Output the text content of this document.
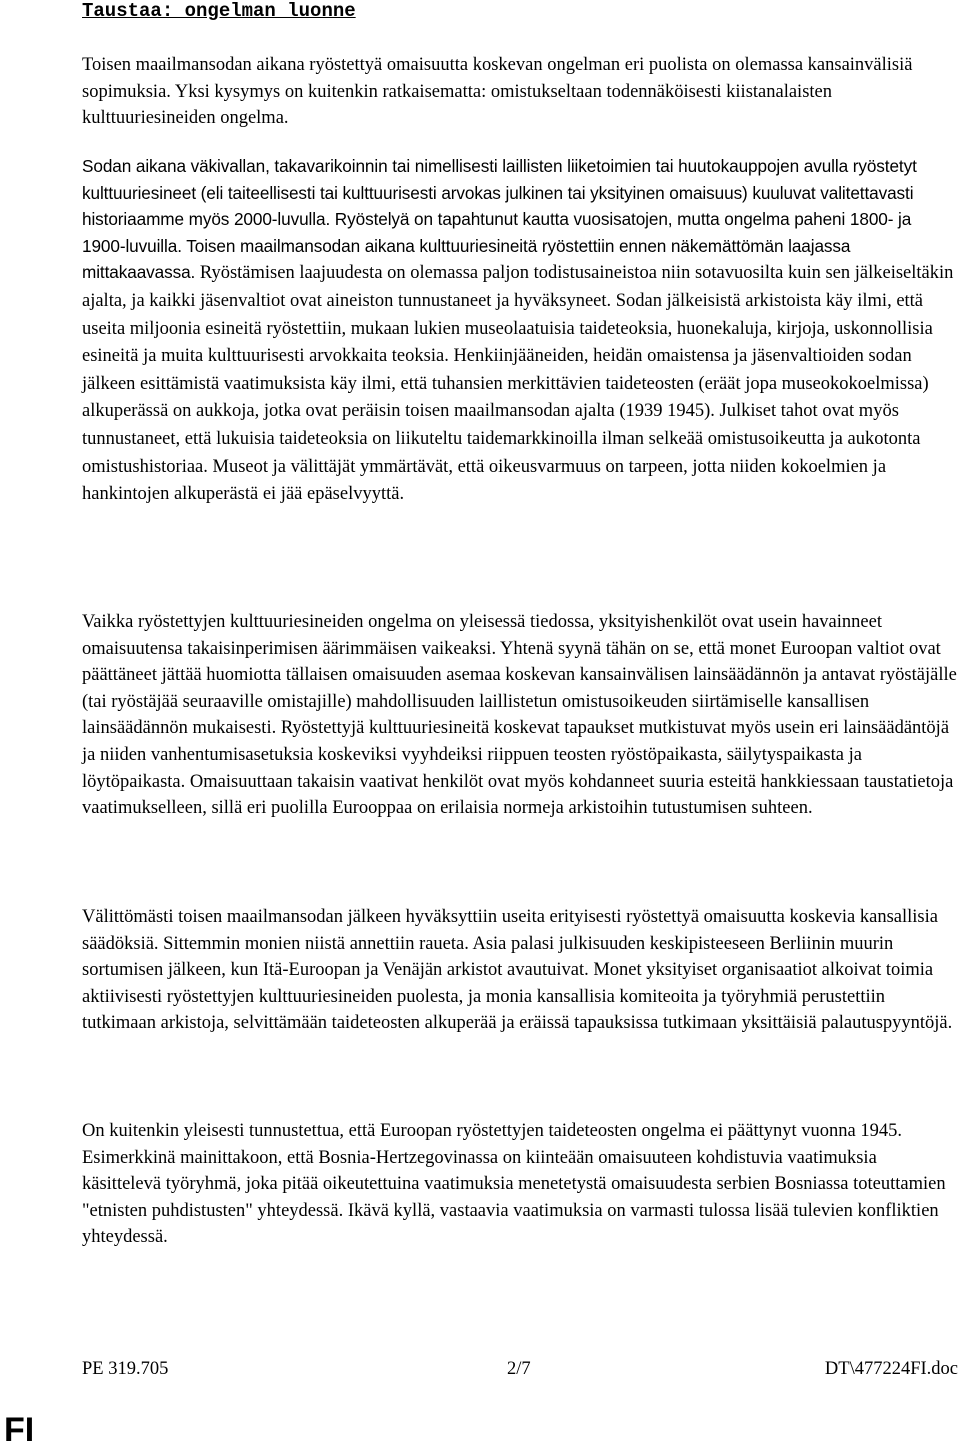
Taustaa: ongelman luonne

Toisen maailmansodan aikana ryöstettyä omaisuutta koskevan ongelman eri puolista on olemassa kansainvälisiä sopimuksia. Yksi kysymys on kuitenkin ratkaisematta: omistukseltaan todennäköisesti kiistanalaisten kulttuuriesineiden ongelma.

Sodan aikana väkivallan, takavarikoinnin tai nimellisesti laillisten liiketoimien tai huutokauppojen avulla ryöstetyt kulttuuriesineet (eli taiteellisesti tai kulttuurisesti arvokas julkinen tai yksityinen omaisuus) kuuluvat valitettavasti historiaamme myös 2000-luvulla. Ryöstelyä on tapahtunut kautta vuosisatojen, mutta ongelma paheni 1800- ja 1900-luvuilla. Toisen maailmansodan aikana kulttuuriesineitä ryöstettiin ennen näkemättömän laajassa mittakaavassa. Ryöstämisen laajuudesta on olemassa paljon todistusaineistoa niin sotavuosilta kuin sen jälkeiseltäkin ajalta, ja kaikki jäsenvaltiot ovat aineiston tunnustaneet ja hyväksyneet. Sodan jälkeisistä arkistoista käy ilmi, että useita miljoonia esineitä ryöstettiin, mukaan lukien museolaatuisia taideteoksia, huonekaluja, kirjoja, uskonnollisia esineitä ja muita kulttuurisesti arvokkaita teoksia. Henkiinjääneiden, heidän omaistensa ja jäsenvaltioiden sodan jälkeen esittämistä vaatimuksista käy ilmi, että tuhansien merkittävien taideteosten (eräät jopa museokokoelmissa) alkuperässä on aukkoja, jotka ovat peräisin toisen maailmansodan ajalta (1939 1945). Julkiset tahot ovat myös tunnustaneet, että lukuisia taideteoksia on liikuteltu taidemarkkinoilla ilman selkeää omistusoikeutta ja aukotonta omistushistoriaa. Museot ja välittäjät ymmärtävät, että oikeusvarmuus on tarpeen, jotta niiden kokoelmien ja hankintojen alkuperästä ei jää epäselvyyttä.

Vaikka ryöstettyjen kulttuuriesineiden ongelma on yleisessä tiedossa, yksityishenkilöt ovat usein havainneet omaisuutensa takaisinperimisen äärimmäisen vaikeaksi. Yhtenä syynä tähän on se, että monet Euroopan valtiot ovat päättäneet jättää huomiotta tällaisen omaisuuden asemaa koskevan kansainvälisen lainsäädännön ja antavat ryöstäjälle (tai ryöstäjää seuraaville omistajille) mahdollisuuden laillistetun omistusoikeuden siirtämiselle kansallisen lainsäädännön mukaisesti. Ryöstettyjä kulttuuriesineitä koskevat tapaukset mutkistuvat myös usein eri lainsäädäntöjä ja niiden vanhentumisasetuksia koskeviksi vyyhdeiksi riippuen teosten ryöstöpaikasta, säilytyspaikasta ja löytöpaikasta. Omaisuuttaan takaisin vaativat henkilöt ovat myös kohdanneet suuria esteitä hankkiessaan taustatietoja vaatimukselleen, sillä eri puolilla Eurooppaa on erilaisia normeja arkistoihin tutustumisen suhteen.

Välittömästi toisen maailmansodan jälkeen hyväksyttiin useita erityisesti ryöstettyä omaisuutta koskevia kansallisia säädöksiä. Sittemmin monien niistä annettiin raueta. Asia palasi julkisuuden keskipisteeseen Berliinin muurin sortumisen jälkeen, kun Itä-Euroopan ja Venäjän arkistot avautuivat. Monet yksityiset organisaatiot alkoivat toimia aktiivisesti ryöstettyjen kulttuuriesineiden puolesta, ja monia kansallisia komiteoita ja työryhmiä perustettiin tutkimaan arkistoja, selvittämään taideteosten alkuperää ja eräissä tapauksissa tutkimaan yksittäisiä palautuspyyntöjä.

On kuitenkin yleisesti tunnustettua, että Euroopan ryöstettyjen taideteosten ongelma ei päättynyt vuonna 1945. Esimerkkinä mainittakoon, että Bosnia-Hertzegovinassa on kiinteään omaisuuteen kohdistuvia vaatimuksia käsittelevä työryhmä, joka pitää oikeutettuina vaatimuksia menetetystä omaisuudesta serbien Bosniassa toteuttamien "etnisten puhdistusten" yhteydessä. Ikävä kyllä, vastaavia vaatimuksia on varmasti tulossa lisää tulevien konfliktien yhteydessä.

PE 319.705	2/7	DT\477224FI.doc
FI
